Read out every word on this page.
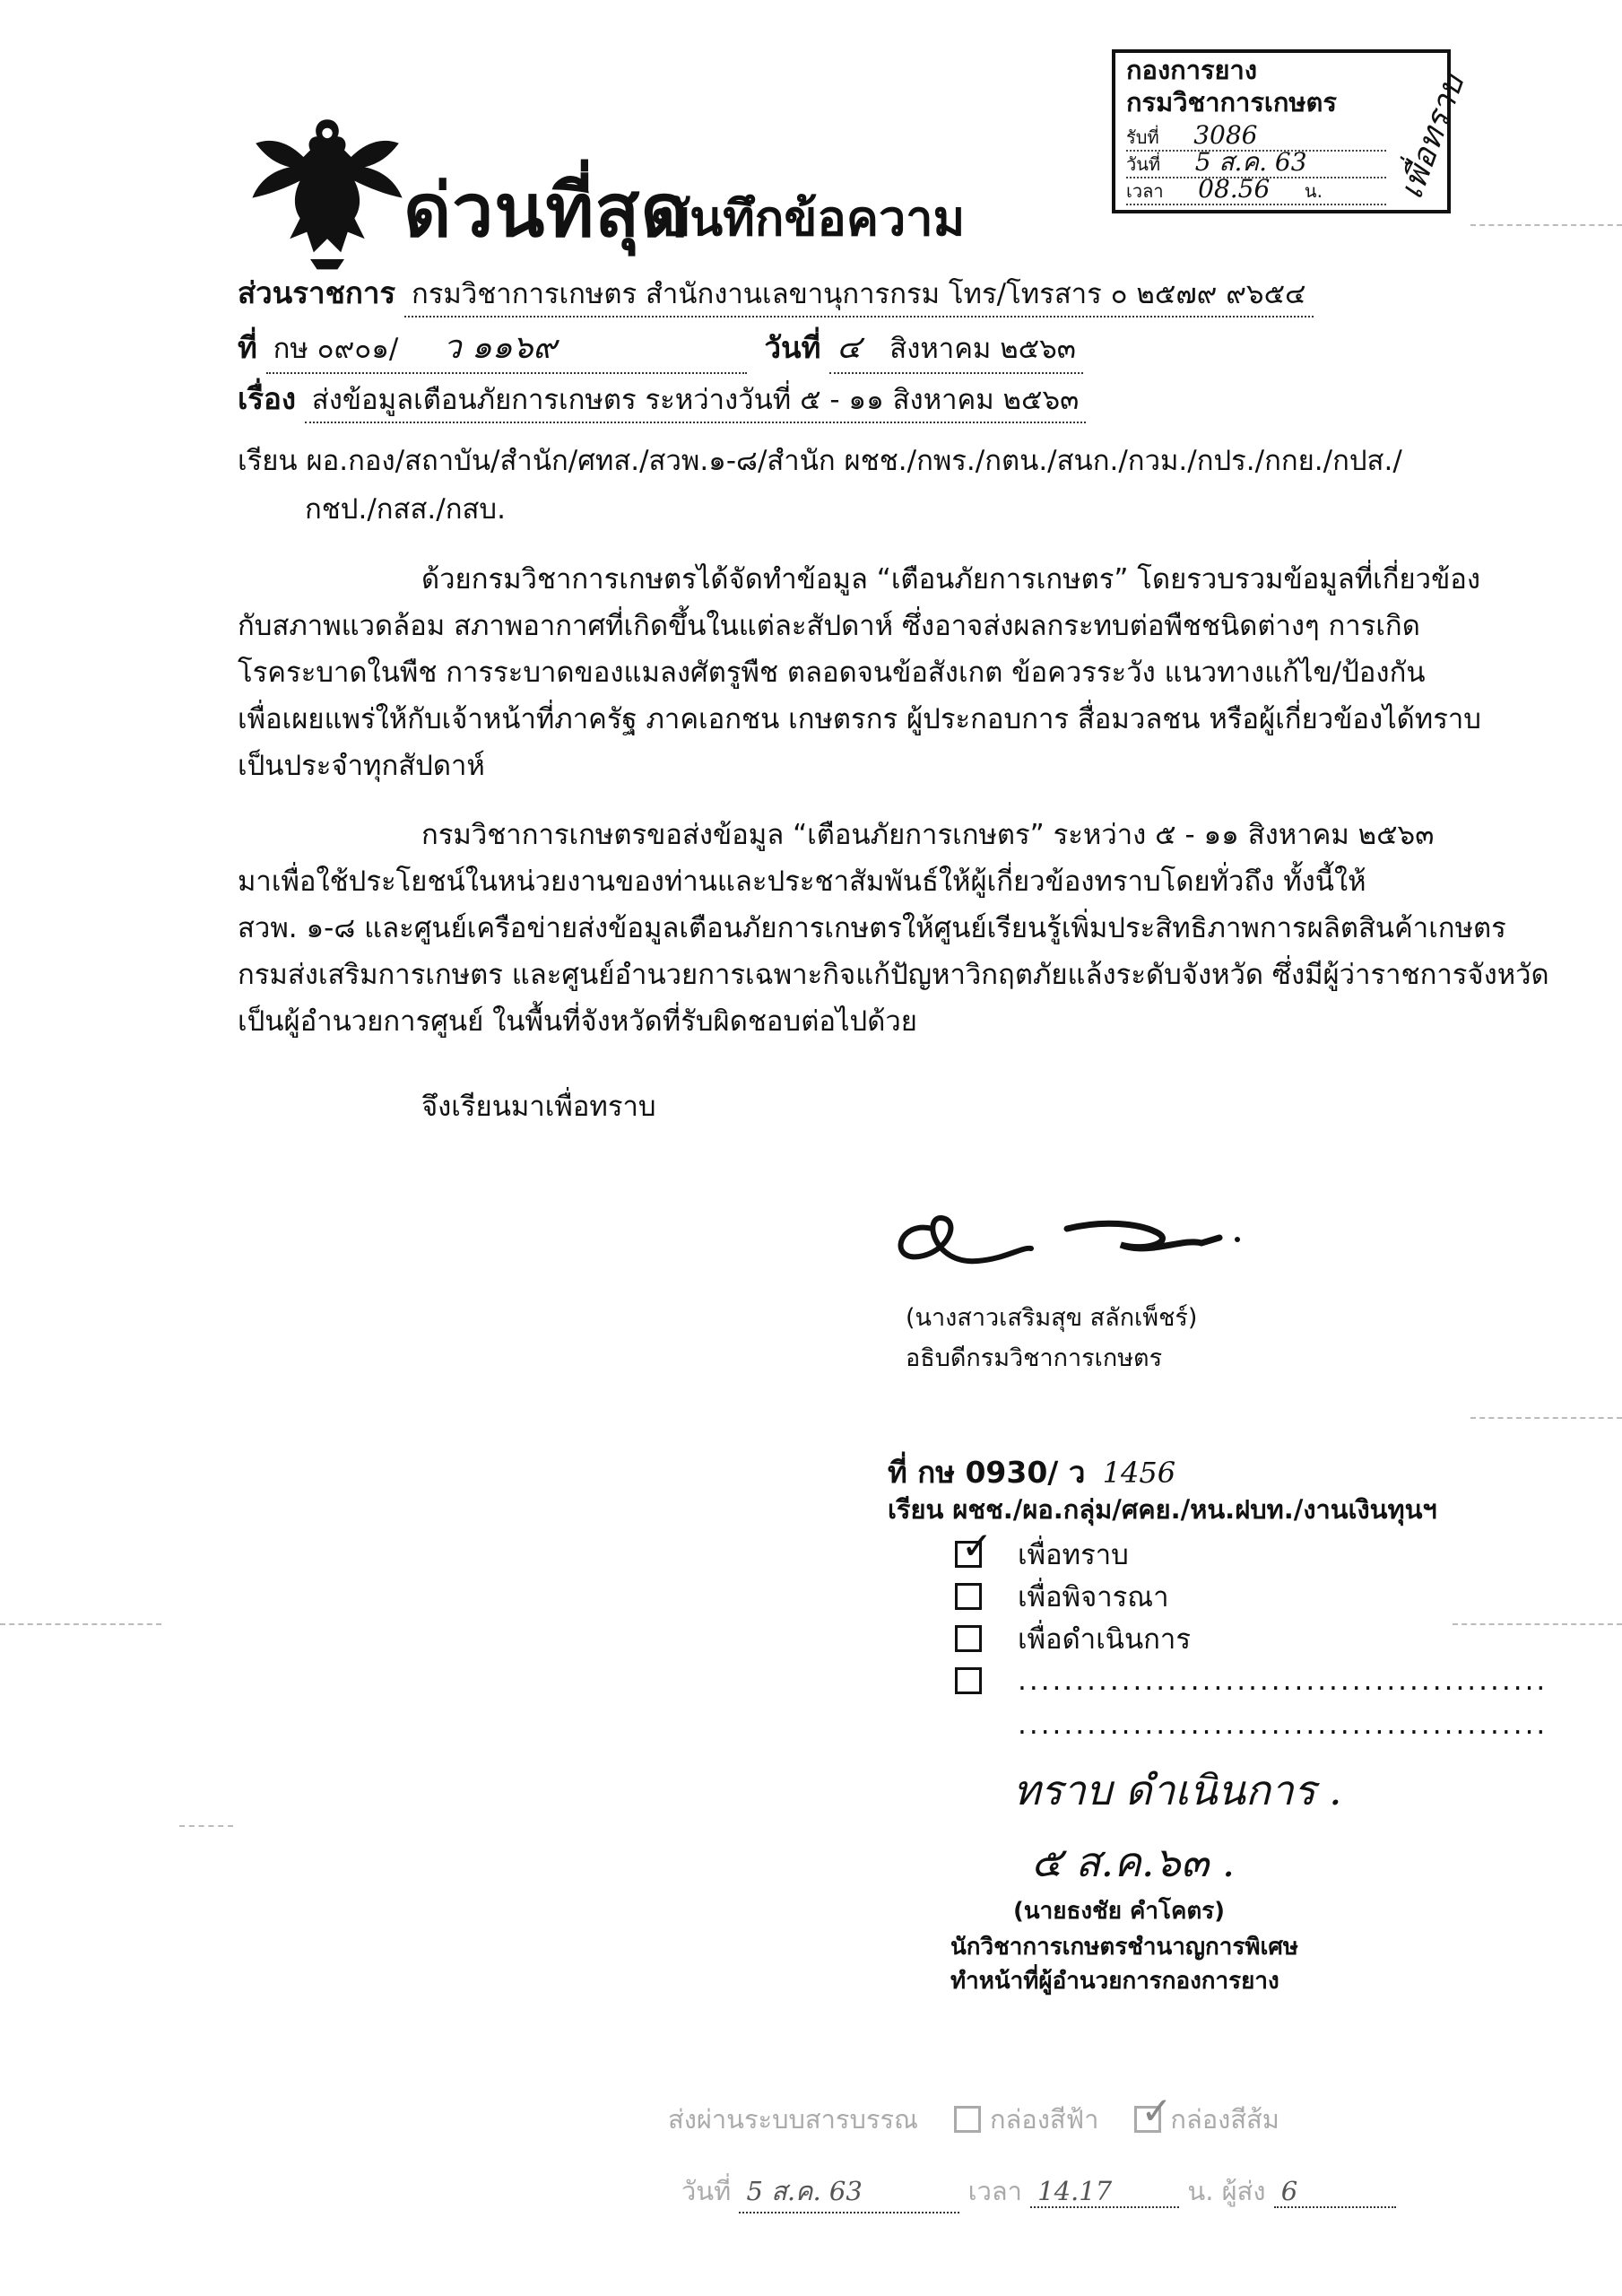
ด่วนที่สุด
บันทึกข้อความ
กองการยาง
กรมวิชาการเกษตร
รับที่ 3086
วันที่ 5 ส.ค. 63
เวลา 08.56 น.	เพื่อทราบ
ส่วนราชการ กรมวิชาการเกษตร สำนักงานเลขานุการกรม โทร/โทรสาร ๐ ๒๕๗๙ ๙๖๕๔
ที่ กษ ๐๙๐๑/ ว ๑๑๖๙	วันที่ ๔ สิงหาคม ๒๕๖๓
เรื่อง ส่งข้อมูลเตือนภัยการเกษตร ระหว่างวันที่ ๕ - ๑๑ สิงหาคม ๒๕๖๓
เรียน ผอ.กอง/สถาบัน/สำนัก/ศทส./สวพ.๑-๘/สำนัก ผชช./กพร./กตน./สนก./กวม./กปร./กกย./กปส./
กชป./กสส./กสบ.
ด้วยกรมวิชาการเกษตรได้จัดทำข้อมูล “เตือนภัยการเกษตร” โดยรวบรวมข้อมูลที่เกี่ยวข้อง
กับสภาพแวดล้อม สภาพอากาศที่เกิดขึ้นในแต่ละสัปดาห์ ซึ่งอาจส่งผลกระทบต่อพืชชนิดต่างๆ การเกิด
โรคระบาดในพืช การระบาดของแมลงศัตรูพืช ตลอดจนข้อสังเกต ข้อควรระวัง แนวทางแก้ไข/ป้องกัน
เพื่อเผยแพร่ให้กับเจ้าหน้าที่ภาครัฐ ภาคเอกชน เกษตรกร ผู้ประกอบการ สื่อมวลชน หรือผู้เกี่ยวข้องได้ทราบ
เป็นประจำทุกสัปดาห์
กรมวิชาการเกษตรขอส่งข้อมูล “เตือนภัยการเกษตร” ระหว่าง ๕ - ๑๑ สิงหาคม ๒๕๖๓
มาเพื่อใช้ประโยชน์ในหน่วยงานของท่านและประชาสัมพันธ์ให้ผู้เกี่ยวข้องทราบโดยทั่วถึง ทั้งนี้ให้
สวพ. ๑-๘ และศูนย์เครือข่ายส่งข้อมูลเตือนภัยการเกษตรให้ศูนย์เรียนรู้เพิ่มประสิทธิภาพการผลิตสินค้าเกษตร
กรมส่งเสริมการเกษตร และศูนย์อำนวยการเฉพาะกิจแก้ปัญหาวิกฤตภัยแล้งระดับจังหวัด ซึ่งมีผู้ว่าราชการจังหวัด
เป็นผู้อำนวยการศูนย์ ในพื้นที่จังหวัดที่รับผิดชอบต่อไปด้วย
จึงเรียนมาเพื่อทราบ
(นางสาวเสริมสุข สลักเพ็ชร์)
อธิบดีกรมวิชาการเกษตร
ที่ กษ 0930/ ว 1456
เรียน ผชช./ผอ.กลุ่ม/ศคย./หน.ฝบท./งานเงินทุนฯ
✓
เพื่อทราบ
เพื่อพิจารณา
เพื่อดำเนินการ
..............................................
..............................................
ทราบ ดำเนินการ .
๕ ส.ค.๖๓ .
(นายธงชัย คำโคตร)
นักวิชาการเกษตรชำนาญการพิเศษ
ทำหน้าที่ผู้อำนวยการกองการยาง
ส่งผ่านระบบสารบรรณ	กล่องสีฟ้า
✓	กล่องสีส้ม
วันที่ 5 ส.ค. 63	เวลา 14.17	น. ผู้ส่ง 6
